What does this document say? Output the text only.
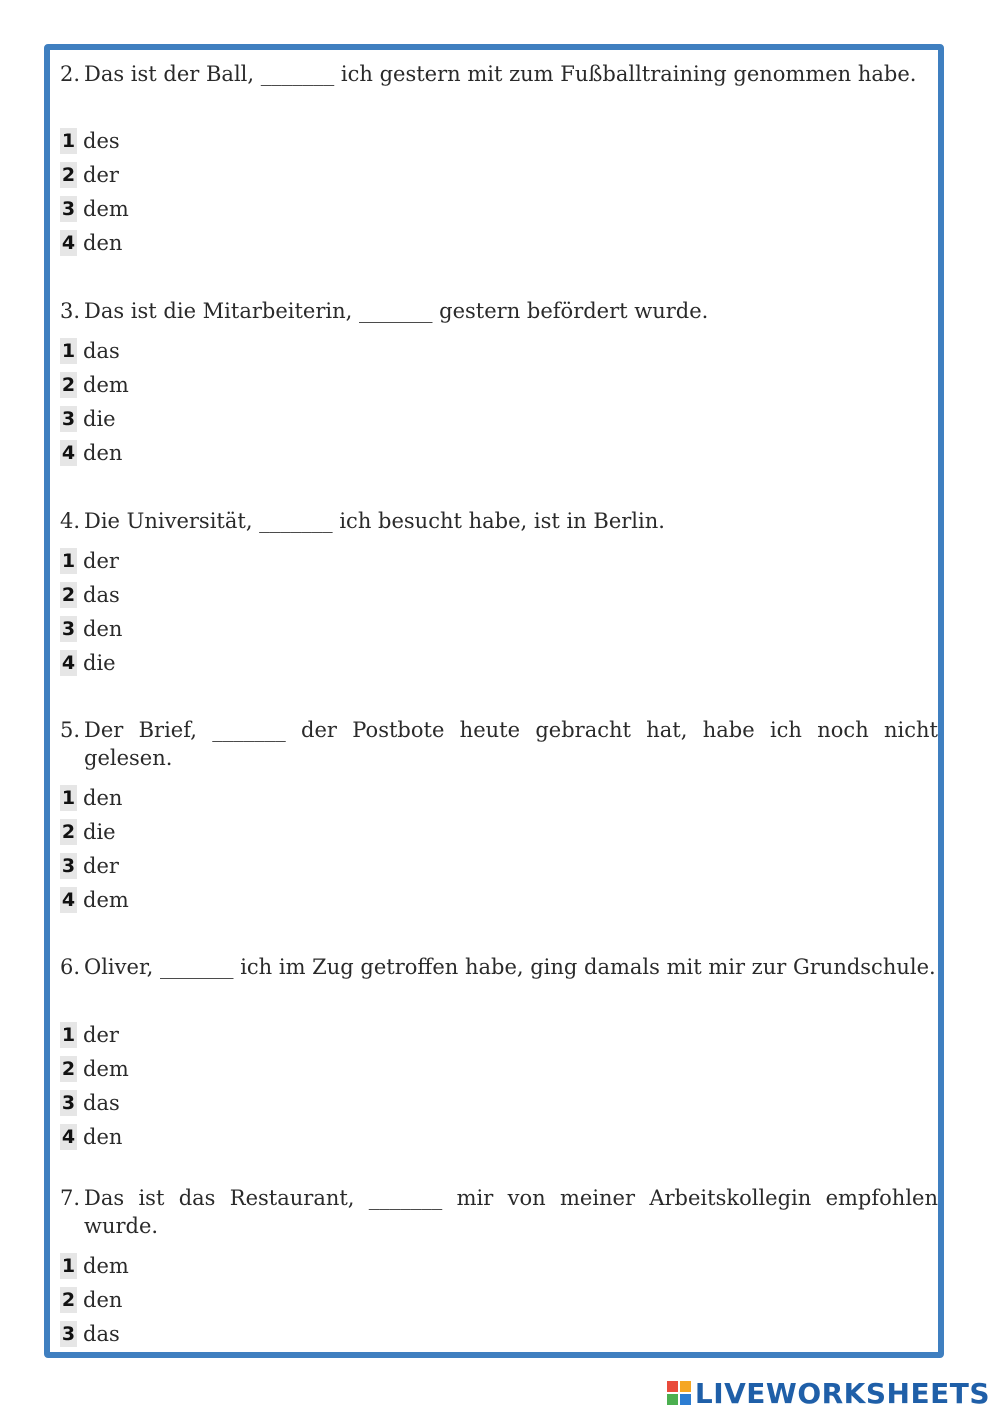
2. Das ist der Ball, _______ ich gestern mit zum Fußballtraining genommen habe.
1 des
2 der
3 dem
4 den
3. Das ist die Mitarbeiterin, _______ gestern befördert wurde.
1 das
2 dem
3 die
4 den
4. Die Universität, _______ ich besucht habe, ist in Berlin.
1 der
2 das
3 den
4 die
5. Der Brief, _______ der Postbote heute gebracht hat, habe ich noch nicht gelesen.
1 den
2 die
3 der
4 dem
6. Oliver, _______ ich im Zug getroffen habe, ging damals mit mir zur Grundschule.
1 der
2 dem
3 das
4 den
7. Das ist das Restaurant, _______ mir von meiner Arbeitskollegin empfohlen wurde.
1 dem
2 den
3 das
LIVEWORKSHEETS
